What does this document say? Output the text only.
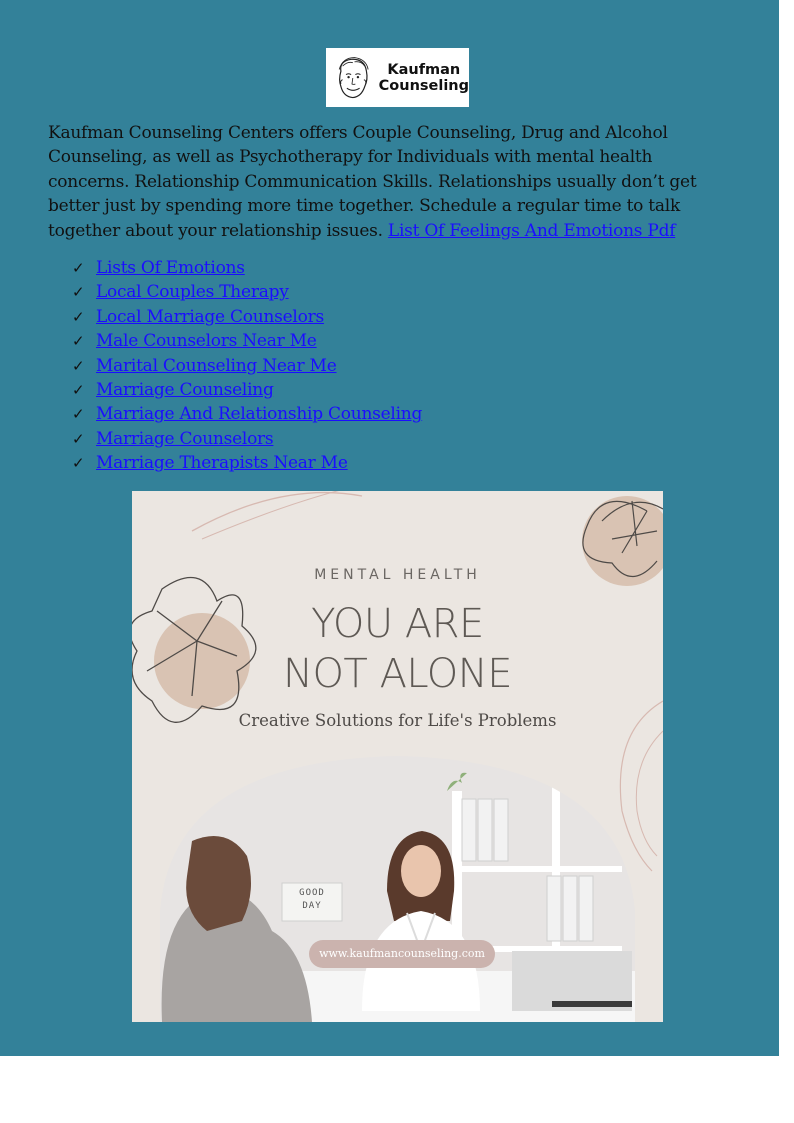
Kaufman
Counseling

Kaufman Counseling Centers offers Couple Counseling, Drug and Alcohol Counseling, as well as Psychotherapy for Individuals with mental health concerns. Relationship Communication Skills. Relationships usually don’t get better just by spending more time together. Schedule a regular time to talk together about your relationship issues. List Of Feelings And Emotions Pdf

✓ Lists Of Emotions
✓ Local Couples Therapy
✓ Local Marriage Counselors
✓ Male Counselors Near Me
✓ Marital Counseling Near Me
✓ Marriage Counseling
✓ Marriage And Relationship Counseling
✓ Marriage Counselors
✓ Marriage Therapists Near Me
GOOD
DAY
MENTAL HEALTH
YOU ARE
NOT ALONE
Creative Solutions for Life's Problems
www.kaufmancounseling.com
